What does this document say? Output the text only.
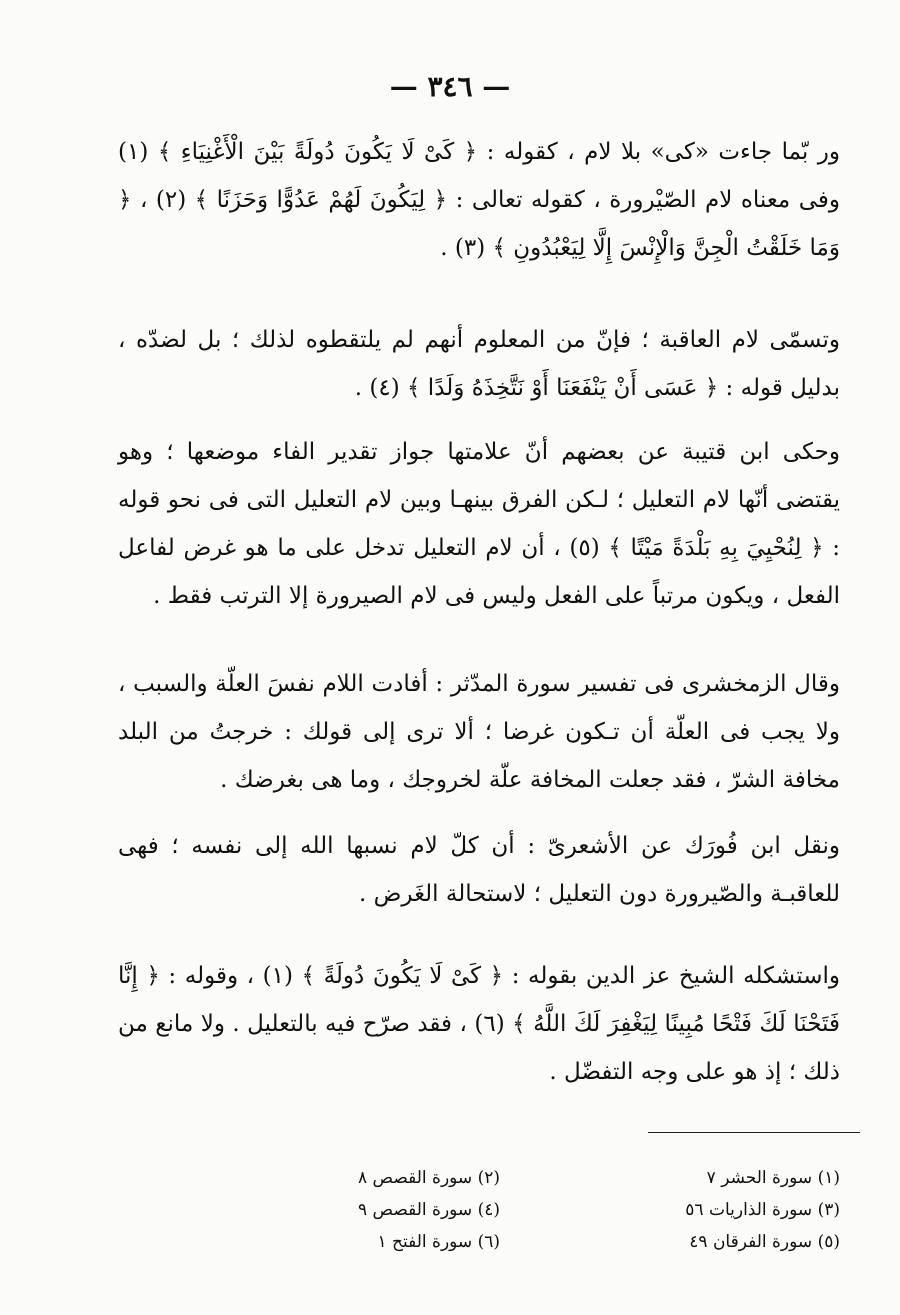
— ٣٤٦ —

ور بّما جاءت «كى» بلا لام ، كقوله : ﴿ كَىْ لَا يَكُونَ دُولَةً بَيْنَ الْأَغْنِيَاءِ ﴾ (١) وفى معناه لام الصّيْرورة ، كقوله تعالى : ﴿ لِيَكُونَ لَهُمْ عَدُوًّا وَحَزَنًا ﴾ (٢) ، ﴿ وَمَا خَلَقْتُ الْجِنَّ وَالْإِنْسَ إِلَّا لِيَعْبُدُونِ ﴾ (٣) .

وتسمّى لام العاقبة ؛ فإنّ من المعلوم أنهم لم يلتقطوه لذلك ؛ بل لضدّه ، بدليل قوله : ﴿ عَسَى أَنْ يَنْفَعَنَا أَوْ نَتَّخِذَهُ وَلَدًا ﴾ (٤) .

وحكى ابن قتيبة عن بعضهم أنّ علامتها جواز تقدير الفاء موضعها ؛ وهو يقتضى أنّها لام التعليل ؛ لـكن الفرق بينهـا وبين لام التعليل التى فى نحو قوله : ﴿ لِنُحْيِيَ بِهِ بَلْدَةً مَيْتًا ﴾ (٥) ، أن لام التعليل تدخل على ما هو غرض لفاعل الفعل ، ويكون مرتباً على الفعل وليس فى لام الصيرورة إلا الترتب فقط .

وقال الزمخشرى فى تفسير سورة المدّثر : أفادت اللام نفسَ العلّة والسبب ، ولا يجب فى العلّة أن تـكون غرضا ؛ ألا ترى إلى قولك : خرجتُ من البلد مخافة الشرّ ، فقد جعلت المخافة علّة لخروجك ، وما هى بغرضك .

ونقل ابن فُورَك عن الأشعرىّ : أن كلّ لام نسبها الله إلى نفسه ؛ فهى للعاقبـة والصّيرورة دون التعليل ؛ لاستحالة الغَرض .

واستشكله الشيخ عز الدين بقوله : ﴿ كَىْ لَا يَكُونَ دُولَةً ﴾ (١) ، وقوله : ﴿ إِنَّا فَتَحْنَا لَكَ فَتْحًا مُبِينًا لِيَغْفِرَ لَكَ اللَّهُ ﴾ (٦) ، فقد صرّح فيه بالتعليل . ولا مانع من ذلك ؛ إذ هو على وجه التفضّل .

(١) سورة الحشر ٧
(٣) سورة الذاريات ٥٦
(٥) سورة الفرقان ٤٩
(٢) سورة القصص ٨
(٤) سورة القصص ٩
(٦) سورة الفتح ١
